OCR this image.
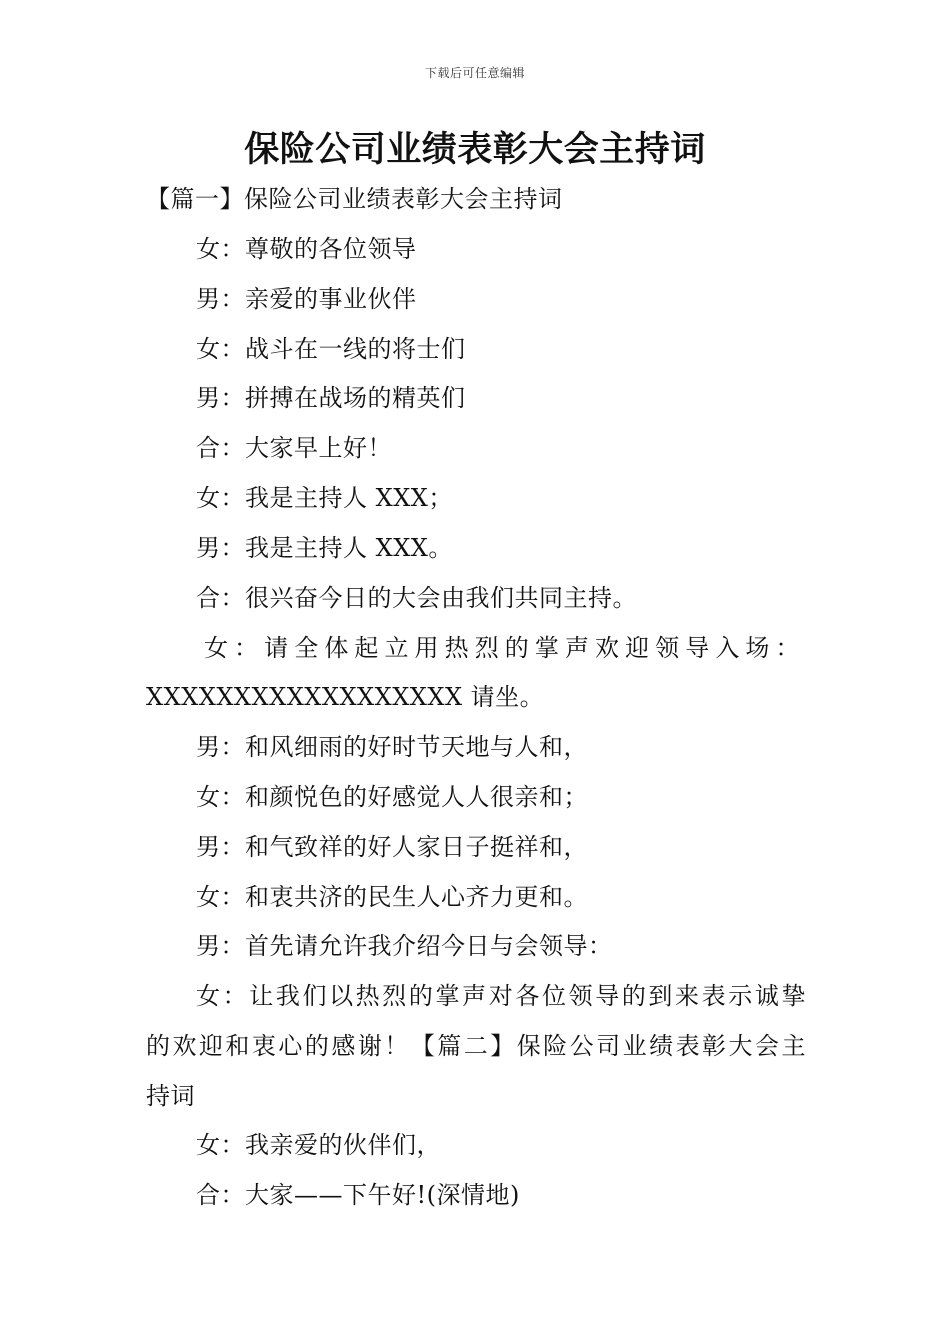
下载后可任意编辑
保险公司业绩表彰大会主持词
【篇一】保险公司业绩表彰大会主持词
女：尊敬的各位领导
男：亲爱的事业伙伴
女：战斗在一线的将士们
男：拼搏在战场的精英们
合：大家早上好！
女：我是主持人 XXX；
男：我是主持人 XXX。
合：很兴奋今日的大会由我们共同主持。
女：请全体起立用热烈的掌声欢迎领导入场：
XXXXXXXXXXXXXXXXXX 请坐。
男：和风细雨的好时节天地与人和，
女：和颜悦色的好感觉人人很亲和；
男：和气致祥的好人家日子挺祥和，
女：和衷共济的民生人心齐力更和。
男：首先请允许我介绍今日与会领导：
女：让我们以热烈的掌声对各位领导的到来表示诚挚
的欢迎和衷心的感谢！【篇二】保险公司业绩表彰大会主
持词
女：我亲爱的伙伴们，
合：大家——下午好!(深情地)
